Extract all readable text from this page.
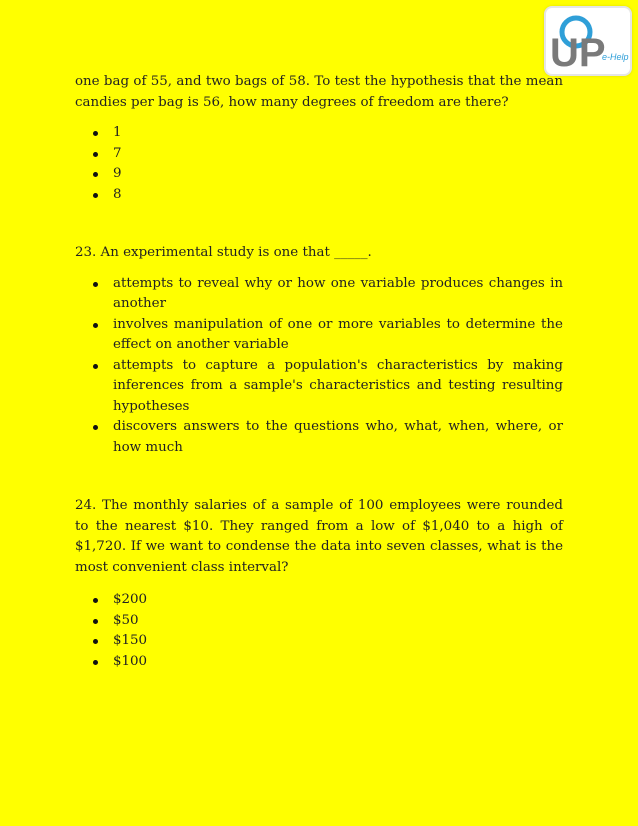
UP
e-Help

one bag of 55, and two bags of 58. To test the hypothesis that the mean candies per bag is 56, how many degrees of freedom are there?

1
7
9
8

23. An experimental study is one that _____.

attempts to reveal why or how one variable produces changes in another
involves manipulation of one or more variables to determine the effect on another variable
attempts to capture a population's characteristics by making inferences from a sample's characteristics and testing resulting hypotheses
discovers answers to the questions who, what, when, where, or how much

24. The monthly salaries of a sample of 100 employees were rounded to the nearest $10. They ranged from a low of $1,040 to a high of $1,720. If we want to condense the data into seven classes, what is the most convenient class interval?

$200
$50
$150
$100
